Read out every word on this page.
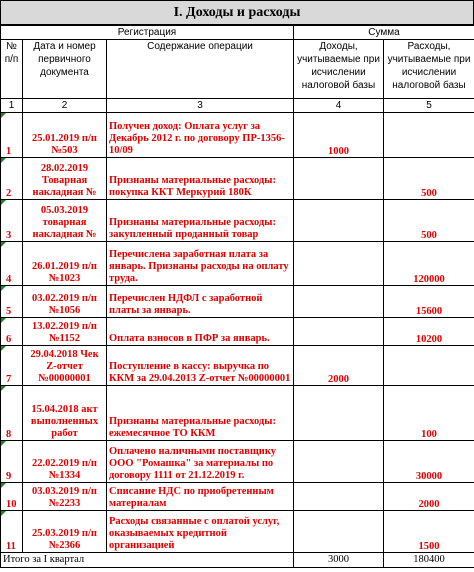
I. Доходы и расходы
Регистрация			Сумма	
№ п/п	Дата и номер первичного документа	Содержание операции	Доходы, учитываемые при исчислении налоговой базы	Расходы, учитываемые при исчислении налоговой базы
1	2	3	4	5
1	25.01.2019 п/п №503	Получен доход: Оплата услуг за Декабрь 2012 г. по договору ПР-1356-10/09	1000	
2	28.02.2019 Товарная накладная №	Признаны материальные расходы: покупка ККТ Меркурий 180К		500
3	05.03.2019 товарная накладная №	Признаны материальные расходы: закупленный проданный товар		500
4	26.01.2019 п/п №1023	Перечислена заработная плата за январь. Признаны расходы на оплату труда.		120000
5	03.02.2019 п/п №1056	Перечислен НДФЛ с заработной платы за январь.		15600
6	13.02.2019 п/п №1152	Оплата взносов в ПФР за январь.		10200
7	29.04.2018 Чек Z-отчет №00000001	Поступление в кассу: выручка по ККМ за 29.04.2013 Z-отчет №00000001	2000	
8	15.04.2018 акт выполненных работ	Признаны материальные расходы: ежемесячное ТО ККМ		100
9	22.02.2019 п/п №1334	Оплачено наличными поставщику ООО "Ромашка" за материалы по договору 1111 от 21.12.2019 г.		30000
10	03.03.2019 п/п №2233	Списание НДС по приобретенным материалам		2000
11	25.03.2019 п/п №2366	Расходы связанные с оплатой услуг, оказываемых кредитной организацией		1500
Итого за I квартал			3000	180400
